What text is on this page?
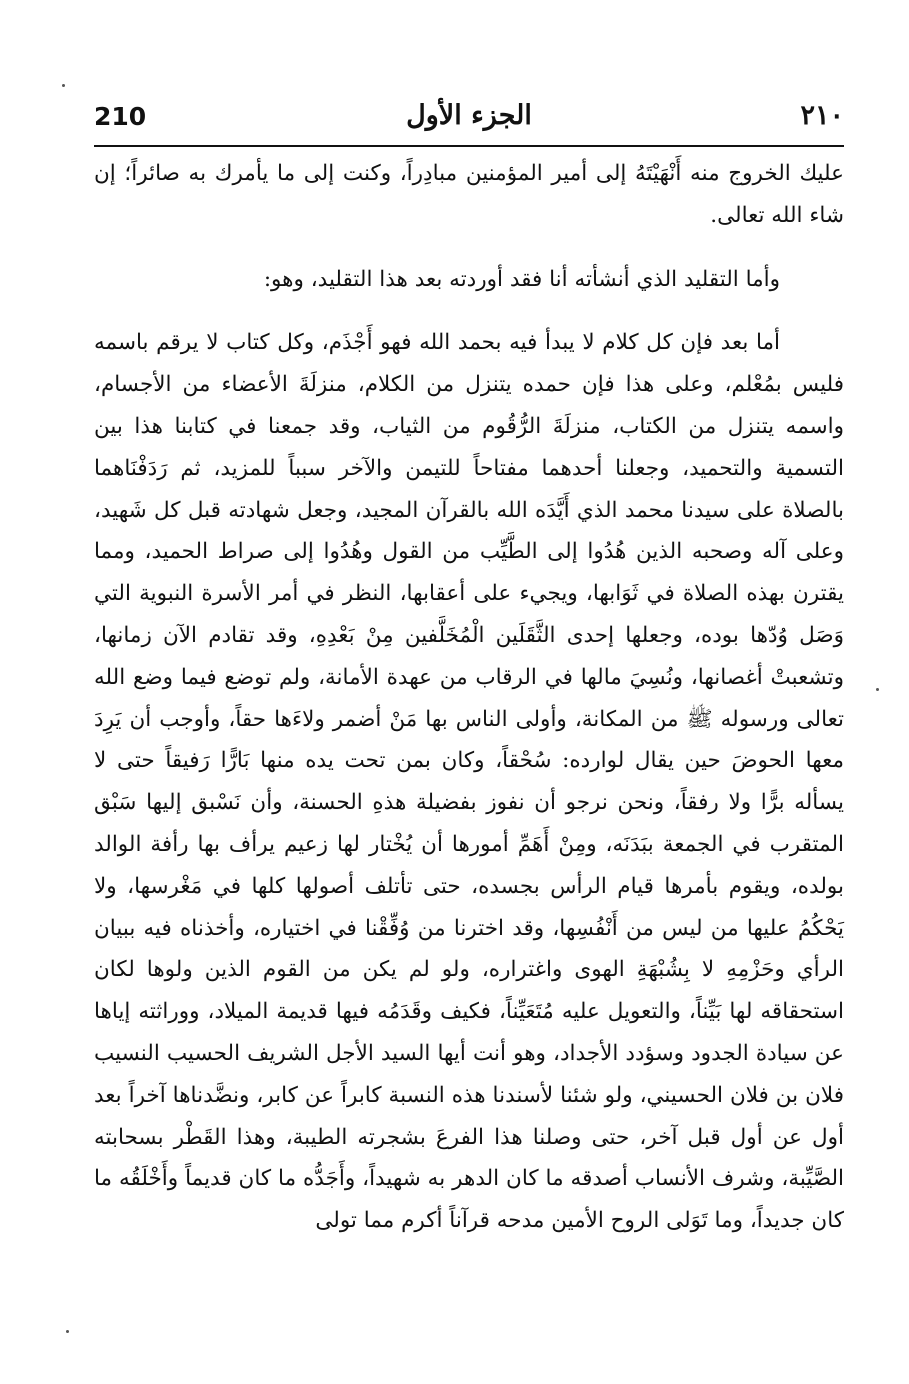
210	الجزء الأول	٢١٠

عليك الخروج منه أَنْهَيْتَهُ إلى أمير المؤمنين مبادِراً، وكنت إلى ما يأمرك به صائراً؛ إن شاء الله تعالى.

وأما التقليد الذي أنشأته أنا فقد أوردته بعد هذا التقليد، وهو:

أما بعد فإن كل كلام لا يبدأ فيه بحمد الله فهو أَجْذَم، وكل كتاب لا يرقم باسمه فليس بمُعْلم، وعلى هذا فإن حمده يتنزل من الكلام، منزلَةَ الأعضاء من الأجسام، واسمه يتنزل من الكتاب، منزلَةَ الرُّقُوم من الثياب، وقد جمعنا في كتابنا هذا بين التسمية والتحميد، وجعلنا أحدهما مفتاحاً للتيمن والآخر سبباً للمزيد، ثم رَدَفْنَاهما بالصلاة على سيدنا محمد الذي أَيَّدَه الله بالقرآن المجيد، وجعل شهادته قبل كل شَهيد، وعلى آله وصحبه الذين هُدُوا إلى الطَّيِّب من القول وهُدُوا إلى صراط الحميد، ومما يقترن بهذه الصلاة في ثَوَابها، ويجيء على أعقابها، النظر في أمر الأسرة النبوية التي وَصَل وُدّها بوده، وجعلها إحدى الثَّقَلَين الْمُخَلَّفين مِنْ بَعْدِهِ، وقد تقادم الآن زمانها، وتشعبتْ أغصانها، ونُسِيَ مالها في الرقاب من عهدة الأمانة، ولم توضع فيما وضع الله تعالى ورسوله ﷺ من المكانة، وأولى الناس بها مَنْ أضمر ولاءَها حقاً، وأوجب أن يَرِدَ معها الحوضَ حين يقال لوارده: سُحْقاً، وكان بمن تحت يده منها بَارًّا رَفيقاً حتى لا يسأله برًّا ولا رفقاً، ونحن نرجو أن نفوز بفضيلة هذهِ الحسنة، وأن نَسْبق إليها سَبْق المتقرب في الجمعة ببَدَنَه، ومِنْ أَهَمِّ أمورها أن يُخْتار لها زعيم يرأف بها رأفة الوالد بولده، ويقوم بأمرها قيام الرأس بجسده، حتى تأتلف أصولها كلها في مَغْرسها، ولا يَحْكُمُ عليها من ليس من أَنْفُسِها، وقد اخترنا من وُفِّقْنا في اختياره، وأخذناه فيه ببيان الرأي وحَزْمِهِ لا بِشُبْهَةِ الهوى واغتراره، ولو لم يكن من القوم الذين ولوها لكان استحقاقه لها بَيِّناً، والتعويل عليه مُتَعَيِّناً، فكيف وقَدَمُه فيها قديمة الميلاد، ووراثته إياها عن سيادة الجدود وسؤدد الأجداد، وهو أنت أيها السيد الأجل الشريف الحسيب النسيب فلان بن فلان الحسيني، ولو شئنا لأسندنا هذه النسبة كابراً عن كابر، ونضَّدناها آخراً بعد أول عن أول قبل آخر، حتى وصلنا هذا الفرعَ بشجرته الطيبة، وهذا القَطْر بسحابته الصَّيِّبة، وشرف الأنساب أصدقه ما كان الدهر به شهيداً، وأَجَدُّه ما كان قديماً وأَخْلَقُه ما كان جديداً، وما تَوَلى الروح الأمين مدحه قرآناً أكرم مما تولى
